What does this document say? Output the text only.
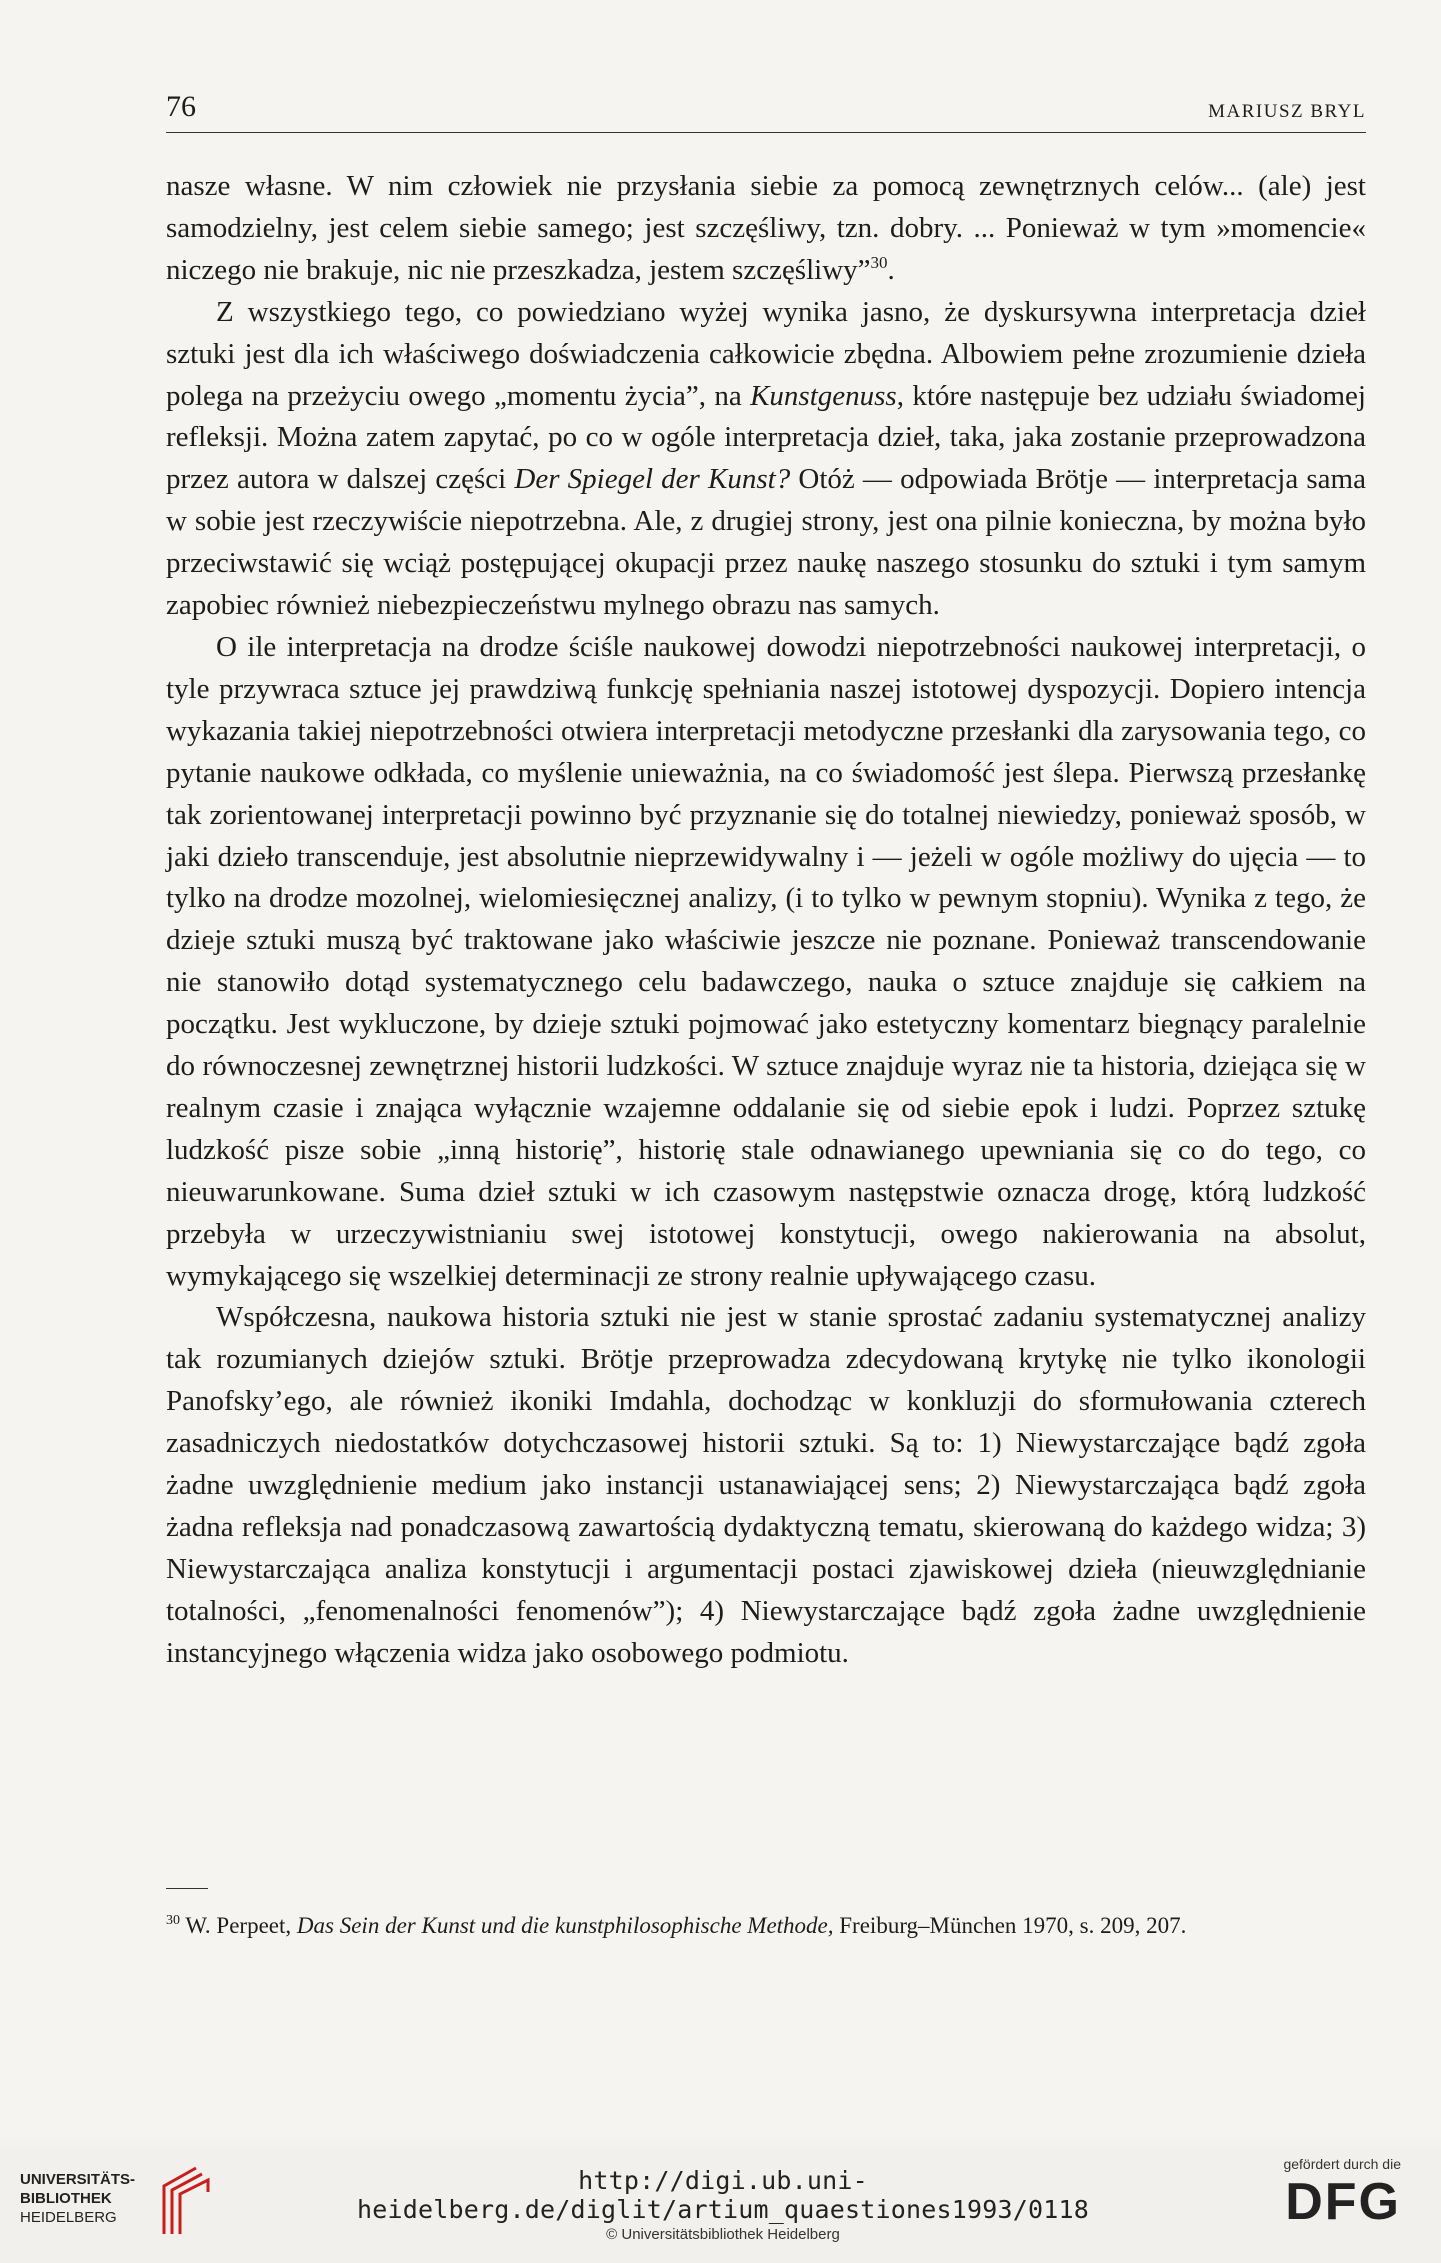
76	MARIUSZ BRYL

nasze własne. W nim człowiek nie przysłania siebie za pomocą zewnętrznych celów... (ale) jest samodzielny, jest celem siebie samego; jest szczęśliwy, tzn. dobry. ... Ponieważ w tym »momencie« niczego nie brakuje, nic nie przeszkadza, jestem szczęśliwy”$^{30}$.

Z wszystkiego tego, co powiedziano wyżej wynika jasno, że dyskursywna interpretacja dzieł sztuki jest dla ich właściwego doświadczenia całkowicie zbędna. Albowiem pełne zrozumienie dzieła polega na przeżyciu owego „momentu życia”, na Kunstgenuss, które następuje bez udziału świadomej refleksji. Można zatem zapytać, po co w ogóle interpretacja dzieł, taka, jaka zostanie przeprowadzona przez autora w dalszej części Der Spiegel der Kunst? Otóż — odpowiada Brötje — interpretacja sama w sobie jest rzeczywiście niepotrzebna. Ale, z drugiej strony, jest ona pilnie konieczna, by można było przeciwstawić się wciąż postępującej okupacji przez naukę naszego stosunku do sztuki i tym samym zapobiec również niebezpieczeństwu mylnego obrazu nas samych.

O ile interpretacja na drodze ściśle naukowej dowodzi niepotrzebności naukowej interpretacji, o tyle przywraca sztuce jej prawdziwą funkcję spełniania naszej istotowej dyspozycji. Dopiero intencja wykazania takiej niepotrzebności otwiera interpretacji metodyczne przesłanki dla zarysowania tego, co pytanie naukowe odkłada, co myślenie unieważnia, na co świadomość jest ślepa. Pierwszą przesłankę tak zorientowanej interpretacji powinno być przyznanie się do totalnej niewiedzy, ponieważ sposób, w jaki dzieło transcenduje, jest absolutnie nieprzewidywalny i — jeżeli w ogóle możliwy do ujęcia — to tylko na drodze mozolnej, wielomiesięcznej analizy, (i to tylko w pewnym stopniu). Wynika z tego, że dzieje sztuki muszą być traktowane jako właściwie jeszcze nie poznane. Ponieważ transcendowanie nie stanowiło dotąd systematycznego celu badawczego, nauka o sztuce znajduje się całkiem na początku. Jest wykluczone, by dzieje sztuki pojmować jako estetyczny komentarz biegnący paralelnie do równoczesnej zewnętrznej historii ludzkości. W sztuce znajduje wyraz nie ta historia, dziejąca się w realnym czasie i znająca wyłącznie wzajemne oddalanie się od siebie epok i ludzi. Poprzez sztukę ludzkość pisze sobie „inną historię”, historię stale odnawianego upewniania się co do tego, co nieuwarunkowane. Suma dzieł sztuki w ich czasowym następstwie oznacza drogę, którą ludzkość przebyła w urzeczywistnianiu swej istotowej konstytucji, owego nakierowania na absolut, wymykającego się wszelkiej determinacji ze strony realnie upływającego czasu.

Współczesna, naukowa historia sztuki nie jest w stanie sprostać zadaniu systematycznej analizy tak rozumianych dziejów sztuki. Brötje przeprowadza zdecydowaną krytykę nie tylko ikonologii Panofsky’ego, ale również ikoniki Imdahla, dochodząc w konkluzji do sformułowania czterech zasadniczych niedostatków dotychczasowej historii sztuki. Są to: 1) Niewystarczające bądź zgoła żadne uwzględnienie medium jako instancji ustanawiającej sens; 2) Niewystarczająca bądź zgoła żadna refleksja nad ponadczasową zawartością dydaktyczną tematu, skierowaną do każdego widza; 3) Niewystarczająca analiza konstytucji i argumentacji postaci zjawiskowej dzieła (nieuwzględnianie totalności, „fenomenalności fenomenów”); 4) Niewystarczające bądź zgoła żadne uwzględnienie instancyjnego włączenia widza jako osobowego podmiotu.

$^{30}$ W. Perpeet, Das Sein der Kunst und die kunstphilosophische Methode, Freiburg–München 1970, s. 209, 207.
UNIVERSITÄTS-
BIBLIOTHEK
HEIDELBERG
http://digi.ub.uni-heidelberg.de/diglit/artium_quaestiones1993/0118
© Universitätsbibliothek Heidelberg
gefördert durch die
DFG
